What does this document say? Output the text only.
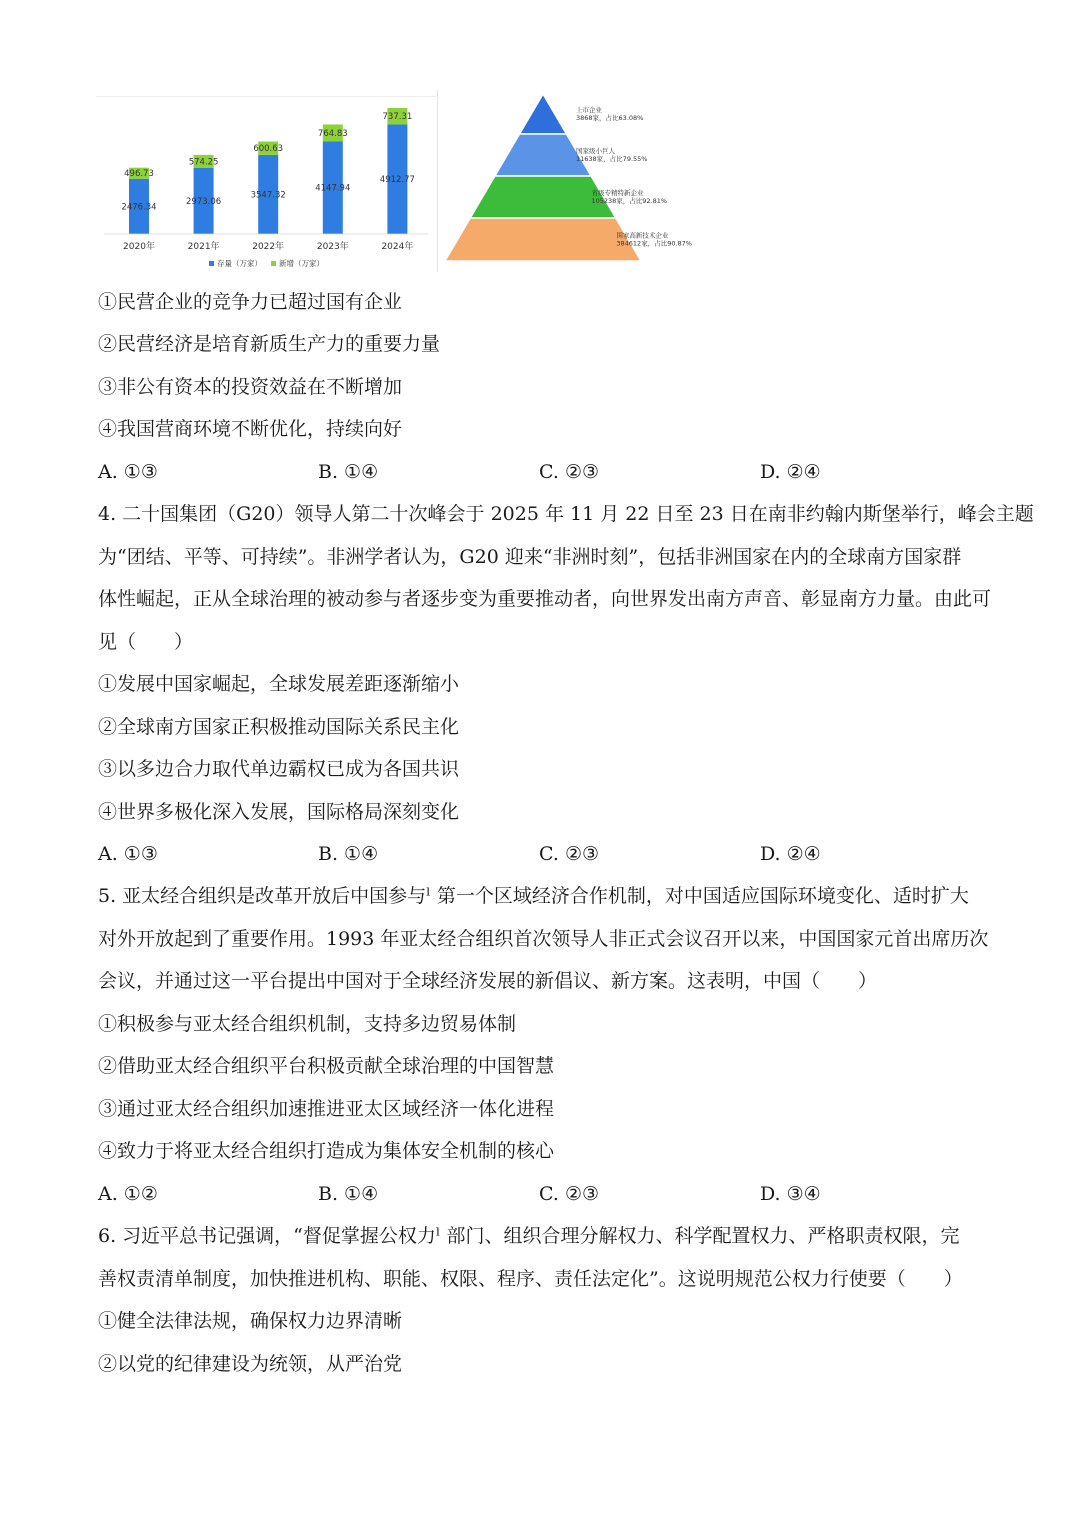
2476.34
496.73
2020年
2973.06
574.25
2021年
3547.32
600.63
2022年
4147.94
764.83
2023年
4912.77
737.31
2024年
存量（万家） 新增（万家）
上市企业
3868家，占比63.08%
国家级小巨人
11638家，占比79.55%
省级专精特新企业
105238家，占比92.81%
国家高新技术企业
384612家，占比90.87%
①民营企业的竞争力已超过国有企业
②民营经济是培育新质生产力的重要力量
③非公有资本的投资效益在不断增加
④我国营商环境不断优化，持续向好
A. ①③	B. ①④	C. ②③	D. ②④
4. 二十国集团（G20）领导人第二十次峰会于 2025 年 11 月 22 日至 23 日在南非约翰内斯堡举行，峰会主题
为“团结、平等、可持续”。非洲学者认为，G20 迎来“非洲时刻”，包括非洲国家在内的全球南方国家群
体性崛起，正从全球治理的被动参与者逐步变为重要推动者，向世界发出南方声音、彰显南方力量。由此可
见（　　）
①发展中国家崛起，全球发展差距逐渐缩小
②全球南方国家正积极推动国际关系民主化
③以多边合力取代单边霸权已成为各国共识
④世界多极化深入发展，国际格局深刻变化
A. ①③	B. ①④	C. ②③	D. ②④
5. 亚太经合组织是改革开放后中国参与ˡ 第一个区域经济合作机制，对中国适应国际环境变化、适时扩大
对外开放起到了重要作用。1993 年亚太经合组织首次领导人非正式会议召开以来，中国国家元首出席历次
会议，并通过这一平台提出中国对于全球经济发展的新倡议、新方案。这表明，中国（　　）
①积极参与亚太经合组织机制，支持多边贸易体制
②借助亚太经合组织平台积极贡献全球治理的中国智慧
③通过亚太经合组织加速推进亚太区域经济一体化进程
④致力于将亚太经合组织打造成为集体安全机制的核心
A. ①②	B. ①④	C. ②③	D. ③④
6. 习近平总书记强调，“督促掌握公权力ˡ 部门、组织合理分解权力、科学配置权力、严格职责权限，完
善权责清单制度，加快推进机构、职能、权限、程序、责任法定化”。这说明规范公权力行使要（　　）
①健全法律法规，确保权力边界清晰
②以党的纪律建设为统领，从严治党
